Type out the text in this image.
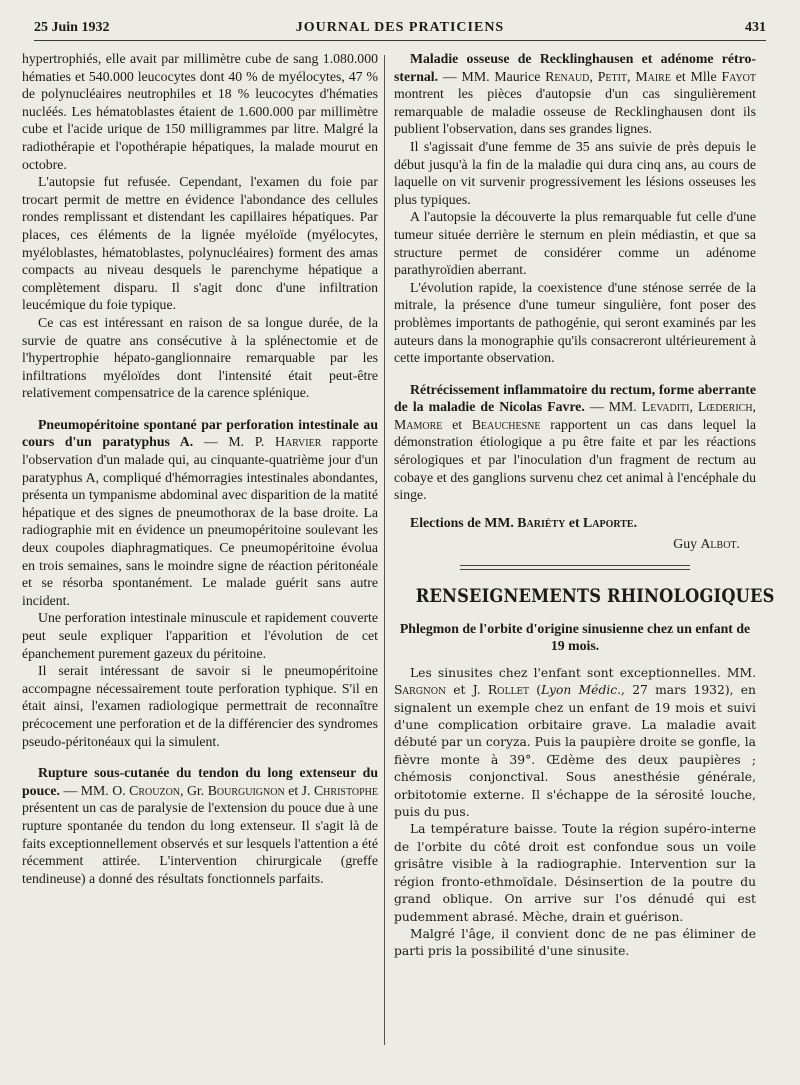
25 Juin 1932	JOURNAL DES PRATICIENS	431

hypertrophiés, elle avait par millimètre cube de sang 1.080.000 hématies et 540.000 leucocytes dont 40 % de myélocytes, 47 % de polynucléaires neutrophiles et 18 % leucocytes d'hématies nucléés. Les hématoblastes étaient de 1.600.000 par millimètre cube et l'acide urique de 150 milligrammes par litre. Malgré la radiothérapie et l'opothérapie hépatiques, la malade mourut en octobre.

L'autopsie fut refusée. Cependant, l'examen du foie par trocart permit de mettre en évidence l'abondance des cellules rondes remplissant et distendant les capillaires hépatiques. Par places, ces éléments de la lignée myéloïde (myélocytes, myéloblastes, hématoblastes, polynucléaires) forment des amas compacts au niveau desquels le parenchyme hépatique a complètement disparu. Il s'agit donc d'une infiltration leucémique du foie typique.

Ce cas est intéressant en raison de sa longue durée, de la survie de quatre ans consécutive à la splénectomie et de l'hypertrophie hépato-ganglionnaire remarquable par les infiltrations myéloïdes dont l'intensité était peut-être relativement compensatrice de la carence splénique.

Pneumopéritoine spontané par perforation intestinale au cours d'un paratyphus A. — M. P. Harvier rapporte l'observation d'un malade qui, au cinquante-quatrième jour d'un paratyphus A, compliqué d'hémorragies intestinales abondantes, présenta un tympanisme abdominal avec disparition de la matité hépatique et des signes de pneumothorax de la base droite. La radiographie mit en évidence un pneumopéritoine soulevant les deux coupoles diaphragmatiques. Ce pneumopéritoine évolua en trois semaines, sans le moindre signe de réaction péritonéale et se résorba spontanément. Le malade guérit sans autre incident.

Une perforation intestinale minuscule et rapidement couverte peut seule expliquer l'apparition et l'évolution de cet épanchement purement gazeux du péritoine.

Il serait intéressant de savoir si le pneumopéritoine accompagne nécessairement toute perforation typhique. S'il en était ainsi, l'examen radiologique permettrait de reconnaître précocement une perforation et de la différencier des syndromes pseudo-péritonéaux qui la simulent.

Rupture sous-cutanée du tendon du long extenseur du pouce. — MM. O. Crouzon, Gr. Bourguignon et J. Christophe présentent un cas de paralysie de l'extension du pouce due à une rupture spontanée du tendon du long extenseur. Il s'agit là de faits exceptionnellement observés et sur lesquels l'attention a été récemment attirée. L'intervention chirurgicale (greffe tendineuse) a donné des résultats fonctionnels parfaits.

Maladie osseuse de Recklinghausen et adénome rétro-sternal. — MM. Maurice Renaud, Petit, Maire et Mlle Fayot montrent les pièces d'autopsie d'un cas singulièrement remarquable de maladie osseuse de Recklinghausen dont ils publient l'observation, dans ses grandes lignes.

Il s'agissait d'une femme de 35 ans suivie de près depuis le début jusqu'à la fin de la maladie qui dura cinq ans, au cours de laquelle on vit survenir progressivement les lésions osseuses les plus typiques.

A l'autopsie la découverte la plus remarquable fut celle d'une tumeur située derrière le sternum en plein médiastin, et que sa structure permet de considérer comme un adénome parathyroïdien aberrant.

L'évolution rapide, la coexistence d'une sténose serrée de la mitrale, la présence d'une tumeur singulière, font poser des problèmes importants de pathogénie, qui seront examinés par les auteurs dans la monographie qu'ils consacreront ultérieurement à cette importante observation.

Rétrécissement inflammatoire du rectum, forme aberrante de la maladie de Nicolas Favre. — MM. Levaditi, Lœderich, Mamore et Beauchesne rapportent un cas dans lequel la démonstration étiologique a pu être faite et par les réactions sérologiques et par l'inoculation d'un fragment de rectum au cobaye et des ganglions survenu chez cet animal à l'encéphale du singe.

Elections de MM. Bariéty et Laporte.
Guy Albot.
RENSEIGNEMENTS RHINOLOGIQUES
Phlegmon de l'orbite d'origine sinusienne chez un enfant de 19 mois.

Les sinusites chez l'enfant sont exceptionnelles. MM. Sargnon et J. Rollet (Lyon Médic., 27 mars 1932), en signalent un exemple chez un enfant de 19 mois et suivi d'une complication orbitaire grave. La maladie avait débuté par un coryza. Puis la paupière droite se gonfle, la fièvre monte à 39°. Œdème des deux paupières ; chémosis conjonctival. Sous anesthésie générale, orbitotomie externe. Il s'échappe de la sérosité louche, puis du pus.

La température baisse. Toute la région supéro-interne de l'orbite du côté droit est confondue sous un voile grisâtre visible à la radiographie. Intervention sur la région fronto-ethmoïdale. Désinsertion de la poutre du grand oblique. On arrive sur l'os dénudé qui est pudemment abrasé. Mèche, drain et guérison.

Malgré l'âge, il convient donc de ne pas éliminer de parti pris la possibilité d'une sinusite.
